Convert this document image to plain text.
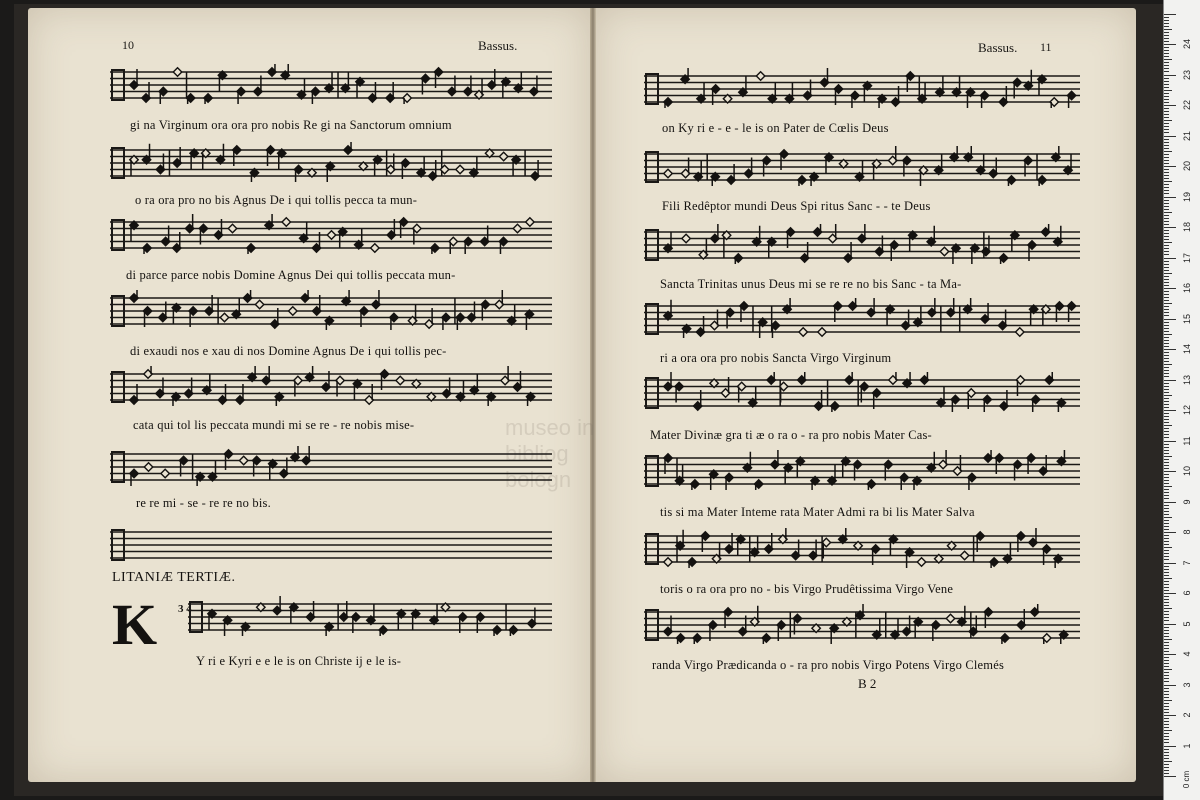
museo in
bibliog
bologn
10	Bassus.	Bassus. 11
gi na Virginum ora ora pro nobis Re gi na Sanctorum omnium
o ra ora pro no bis Agnus De i qui tollis pecca ta mun-
di parce parce nobis Domine Agnus Dei qui tollis peccata mun-
di exaudi nos e xau di nos Domine Agnus De i qui tollis pec-
cata qui tol lis peccata mundi mi se re - re nobis mise-
re re mi - se - re re no bis.
LITANIÆ TERTIÆ.
K 3 4
Y ri e Kyri e e le is on Christe ij e le is-
on Ky ri e - e - le is on Pater de Cœlis Deus
Fili Redêptor mundi Deus Spi ritus Sanc - - te Deus
Sancta Trinitas unus Deus mi se re re no bis Sanc - ta Ma-
ri a ora ora pro nobis Sancta Virgo Virginum
Mater Divinæ gra ti æ o ra o - ra pro nobis Mater Cas-
tis si ma Mater Inteme rata Mater Admi ra bi lis Mater Salva
toris o ra ora pro no - bis Virgo Prudêtissima Virgo Vene
randa Virgo Prædicanda o - ra pro nobis Virgo Potens Virgo Clemés
B 2
0 cm
1
2
3
4
5
6
7
8
9
10
11
12
13
14
15
16
17
18
19
20
21
22
23
24
